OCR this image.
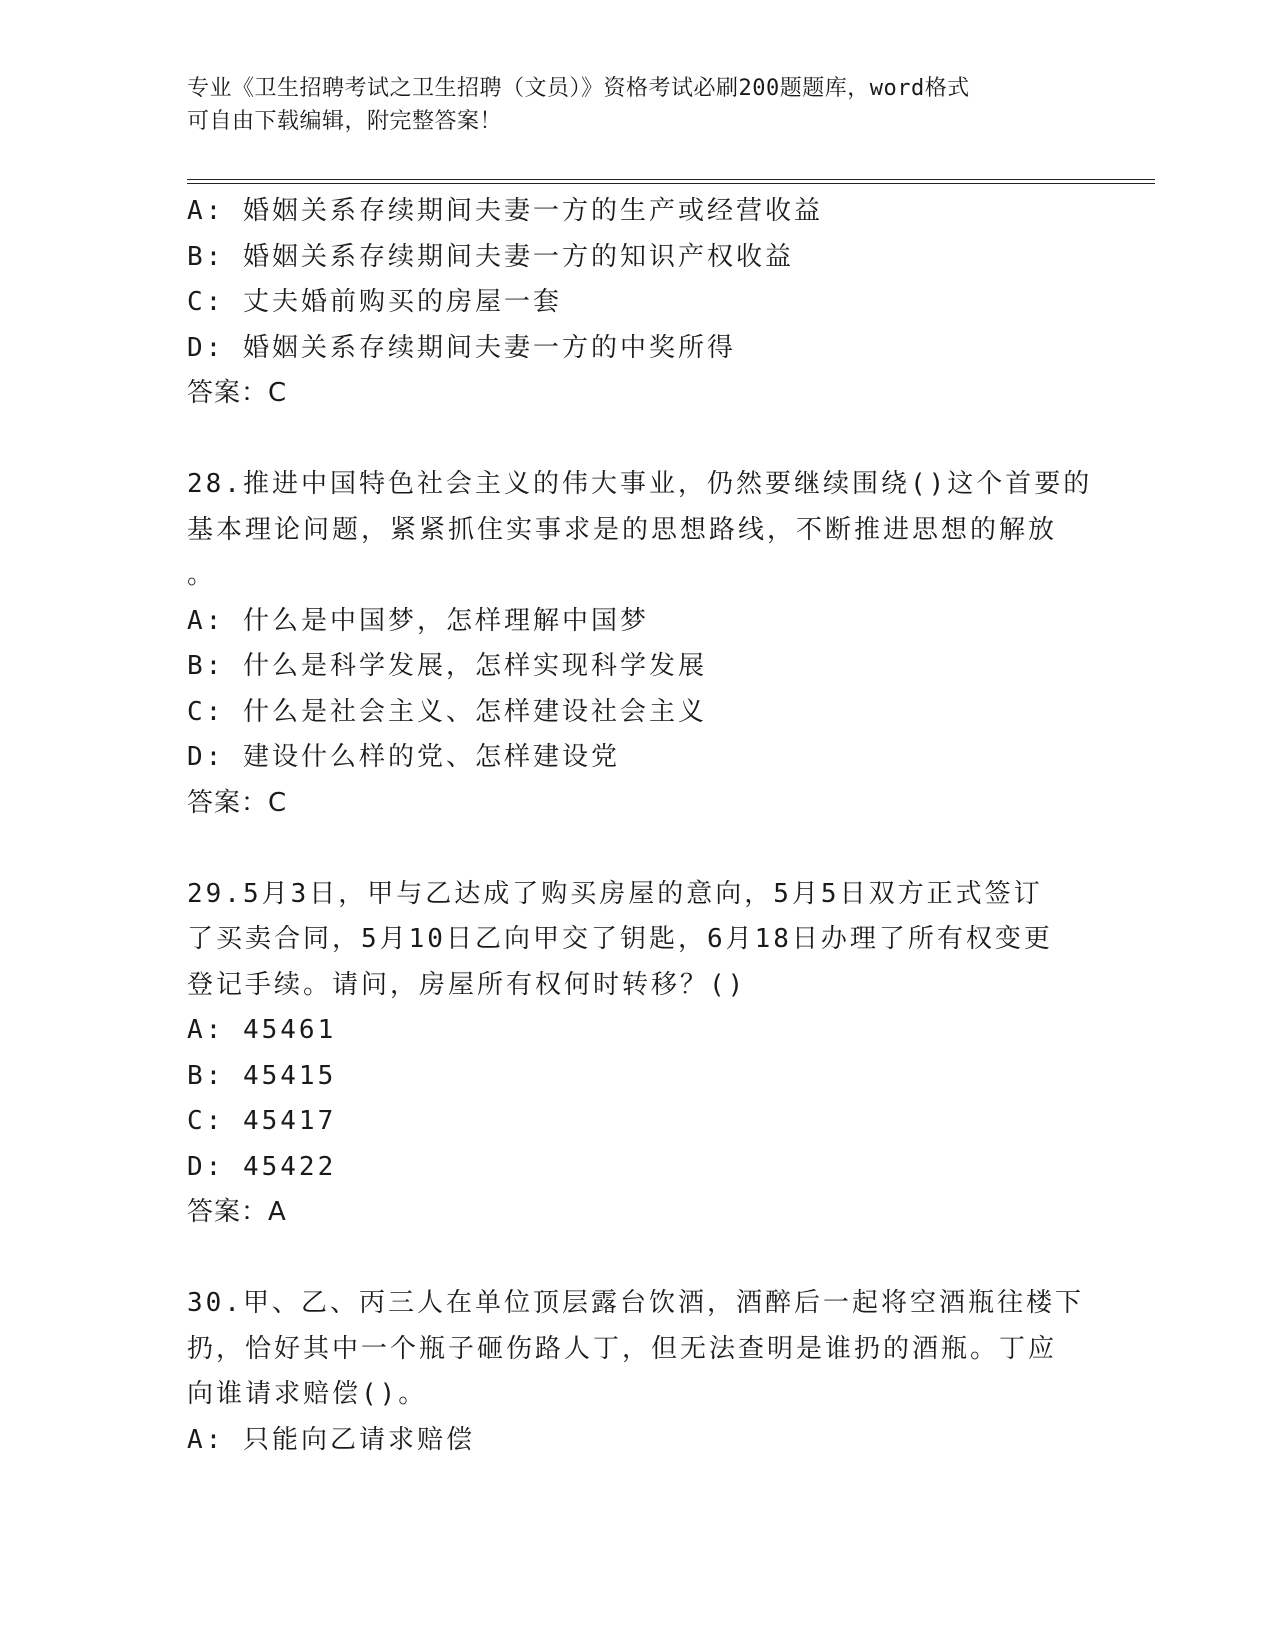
专业《卫生招聘考试之卫生招聘（文员）》资格考试必刷200题题库，word格式
可自由下载编辑，附完整答案！
A: 婚姻关系存续期间夫妻一方的生产或经营收益
B: 婚姻关系存续期间夫妻一方的知识产权收益
C: 丈夫婚前购买的房屋一套
D: 婚姻关系存续期间夫妻一方的中奖所得
答案：C
28.推进中国特色社会主义的伟大事业，仍然要继续围绕()这个首要的
基本理论问题，紧紧抓住实事求是的思想路线，不断推进思想的解放
。
A: 什么是中国梦，怎样理解中国梦
B: 什么是科学发展，怎样实现科学发展
C: 什么是社会主义、怎样建设社会主义
D: 建设什么样的党、怎样建设党
答案：C
29.5月3日，甲与乙达成了购买房屋的意向，5月5日双方正式签订
了买卖合同，5月10日乙向甲交了钥匙，6月18日办理了所有权变更
登记手续。请问，房屋所有权何时转移？()
A: 45461
B: 45415
C: 45417
D: 45422
答案：A
30.甲、乙、丙三人在单位顶层露台饮酒，酒醉后一起将空酒瓶往楼下
扔，恰好其中一个瓶子砸伤路人丁，但无法查明是谁扔的酒瓶。丁应
向谁请求赔偿()。
A: 只能向乙请求赔偿
